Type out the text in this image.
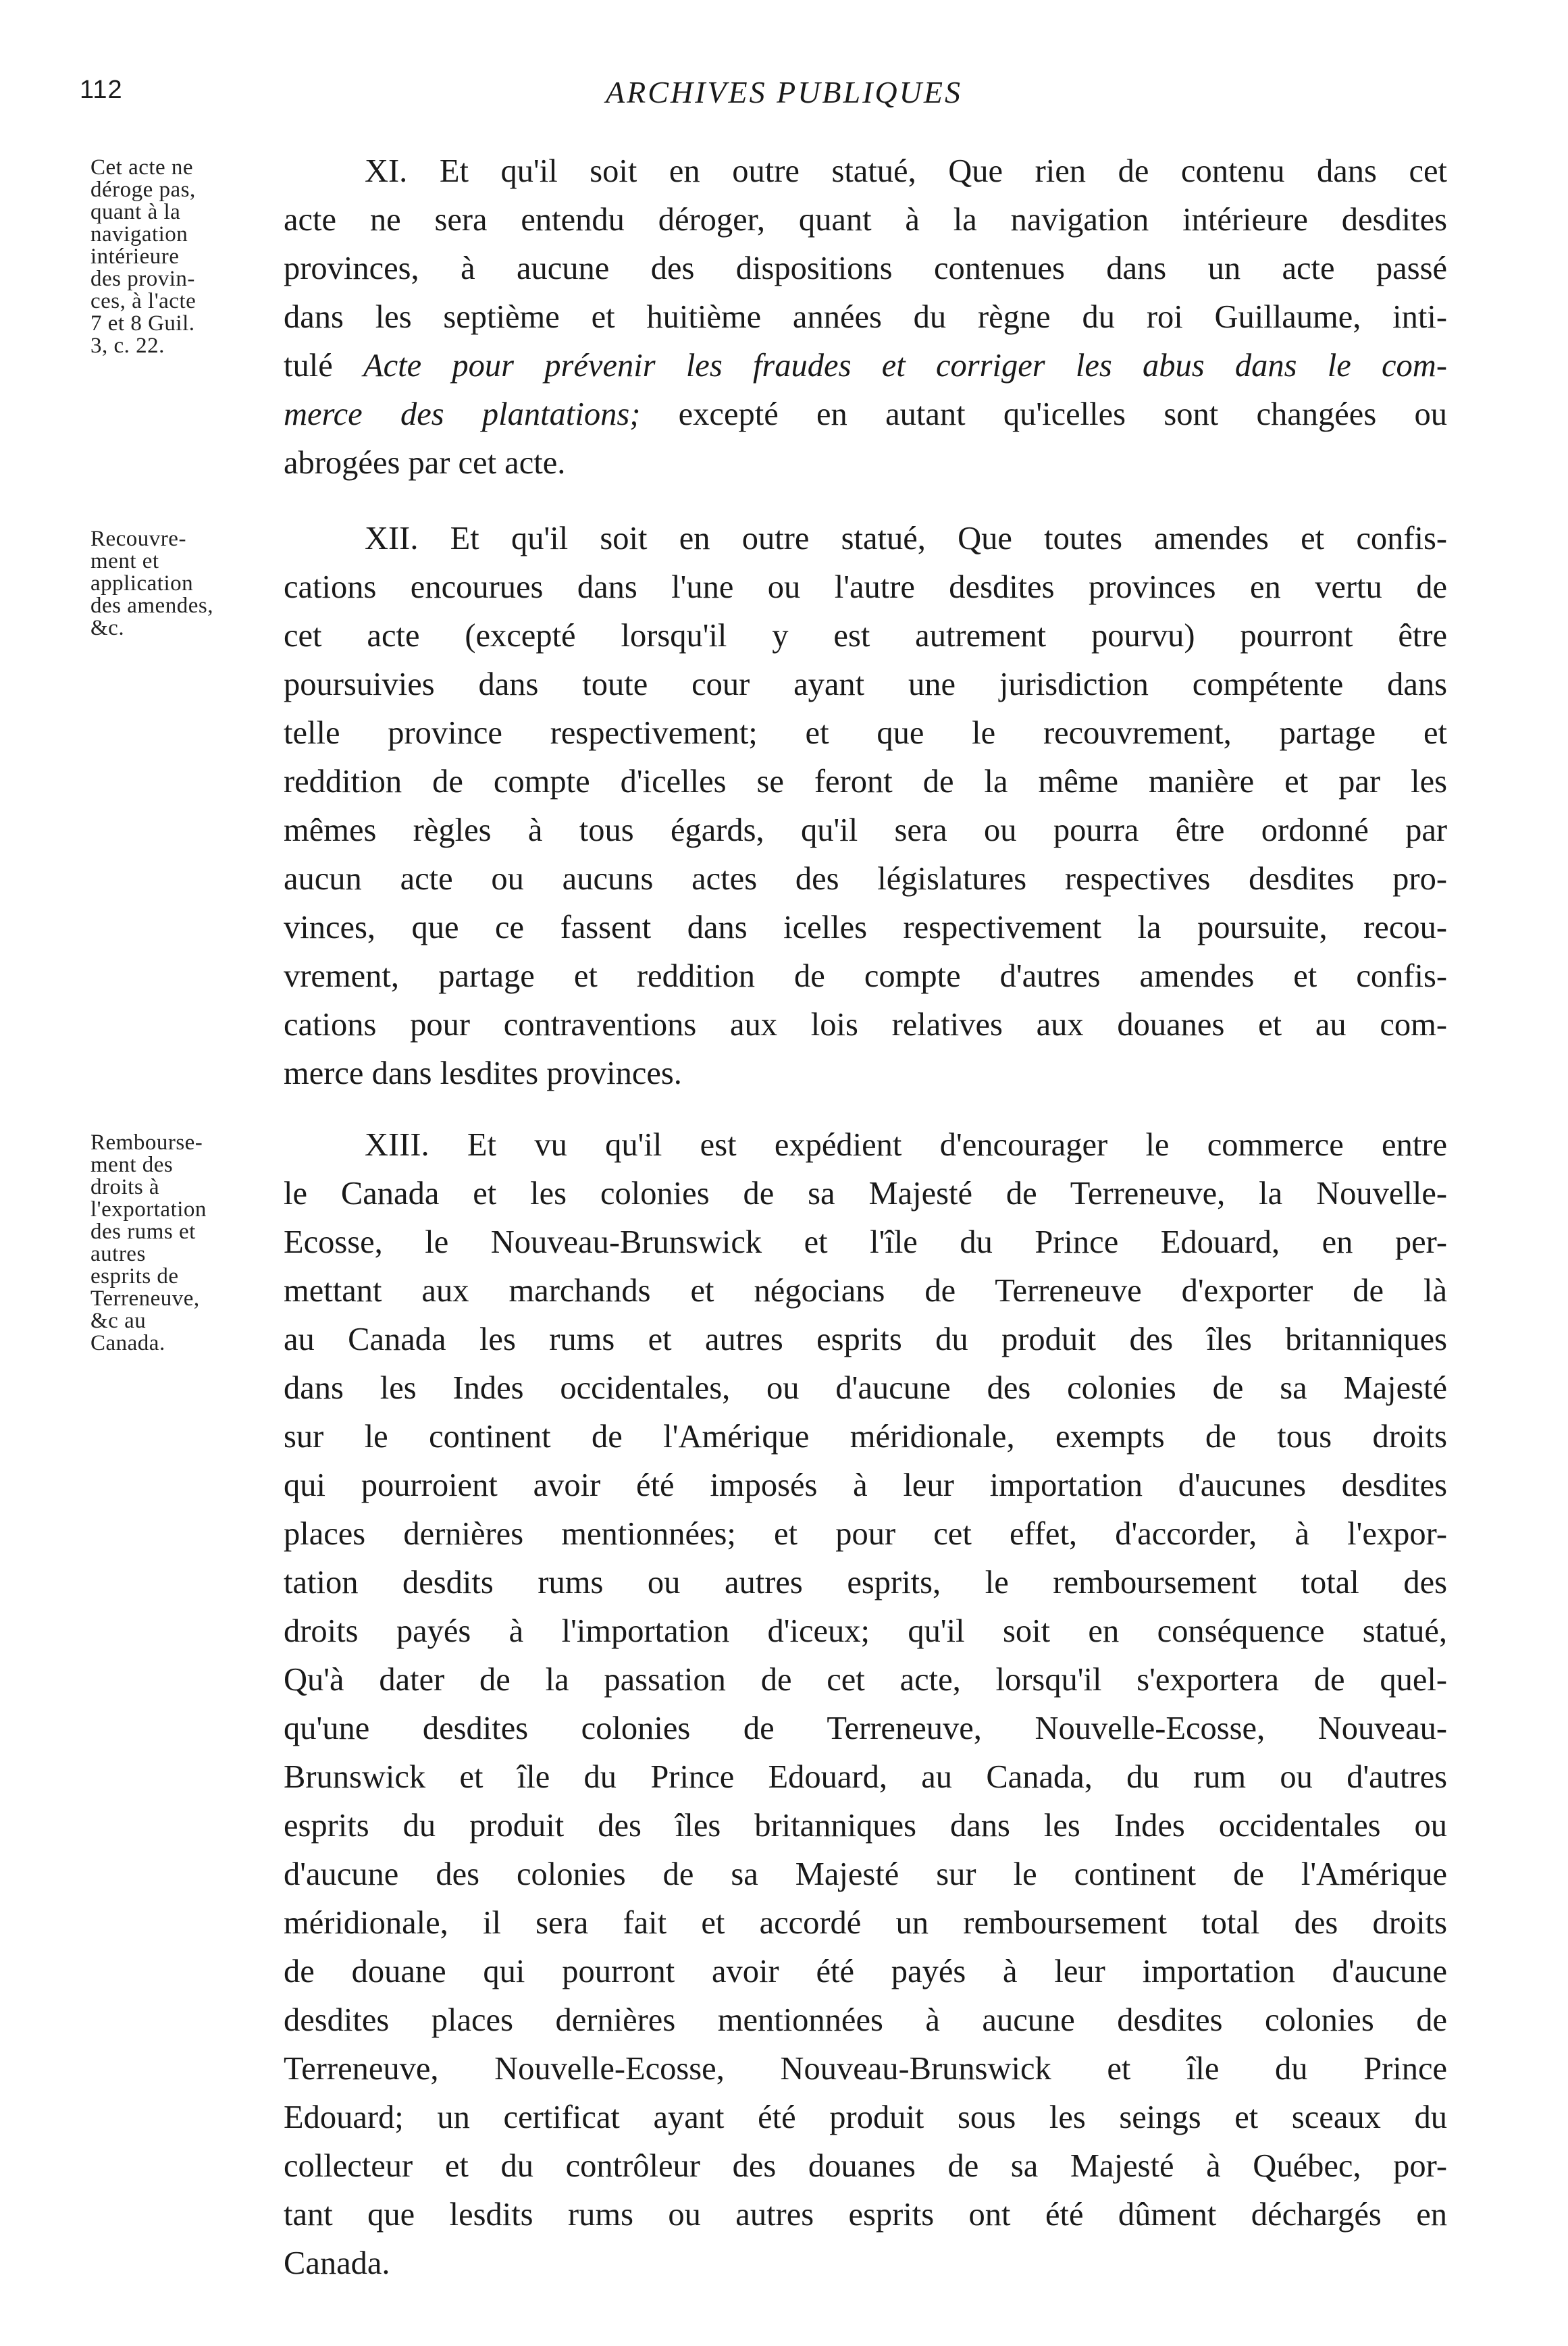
112	ARCHIVES PUBLIQUES
Cet acte ne
déroge pas,
quant à la
navigation
intérieure
des provin-
ces, à l'acte
7 et 8 Guil.
3, c. 22.
XI. Et qu'il soit en outre statué, Que rien de contenu dans cet
acte ne sera entendu déroger, quant à la navigation intérieure desdites
provinces, à aucune des dispositions contenues dans un acte passé
dans les septième et huitième années du règne du roi Guillaume, inti-
tulé Acte pour prévenir les fraudes et corriger les abus dans le com-
merce des plantations; excepté en autant qu'icelles sont changées ou
abrogées par cet acte.
Recouvre-
ment et
application
des amendes,
&c.
XII. Et qu'il soit en outre statué, Que toutes amendes et confis-
cations encourues dans l'une ou l'autre desdites provinces en vertu de
cet acte (excepté lorsqu'il y est autrement pourvu) pourront être
poursuivies dans toute cour ayant une jurisdiction compétente dans
telle province respectivement; et que le recouvrement, partage et
reddition de compte d'icelles se feront de la même manière et par les
mêmes règles à tous égards, qu'il sera ou pourra être ordonné par
aucun acte ou aucuns actes des législatures respectives desdites pro-
vinces, que ce fassent dans icelles respectivement la poursuite, recou-
vrement, partage et reddition de compte d'autres amendes et confis-
cations pour contraventions aux lois relatives aux douanes et au com-
merce dans lesdites provinces.
Rembourse-
ment des
droits à
l'exportation
des rums et
autres
esprits de
Terreneuve,
&c au
Canada.
XIII. Et vu qu'il est expédient d'encourager le commerce entre
le Canada et les colonies de sa Majesté de Terreneuve, la Nouvelle-
Ecosse, le Nouveau-Brunswick et l'île du Prince Edouard, en per-
mettant aux marchands et négocians de Terreneuve d'exporter de là
au Canada les rums et autres esprits du produit des îles britanniques
dans les Indes occidentales, ou d'aucune des colonies de sa Majesté
sur le continent de l'Amérique méridionale, exempts de tous droits
qui pourroient avoir été imposés à leur importation d'aucunes desdites
places dernières mentionnées; et pour cet effet, d'accorder, à l'expor-
tation desdits rums ou autres esprits, le remboursement total des
droits payés à l'importation d'iceux; qu'il soit en conséquence statué,
Qu'à dater de la passation de cet acte, lorsqu'il s'exportera de quel-
qu'une desdites colonies de Terreneuve, Nouvelle-Ecosse, Nouveau-
Brunswick et île du Prince Edouard, au Canada, du rum ou d'autres
esprits du produit des îles britanniques dans les Indes occidentales ou
d'aucune des colonies de sa Majesté sur le continent de l'Amérique
méridionale, il sera fait et accordé un remboursement total des droits
de douane qui pourront avoir été payés à leur importation d'aucune
desdites places dernières mentionnées à aucune desdites colonies de
Terreneuve, Nouvelle-Ecosse, Nouveau-Brunswick et île du Prince
Edouard; un certificat ayant été produit sous les seings et sceaux du
collecteur et du contrôleur des douanes de sa Majesté à Québec, por-
tant que lesdits rums ou autres esprits ont été dûment déchargés en
Canada.
